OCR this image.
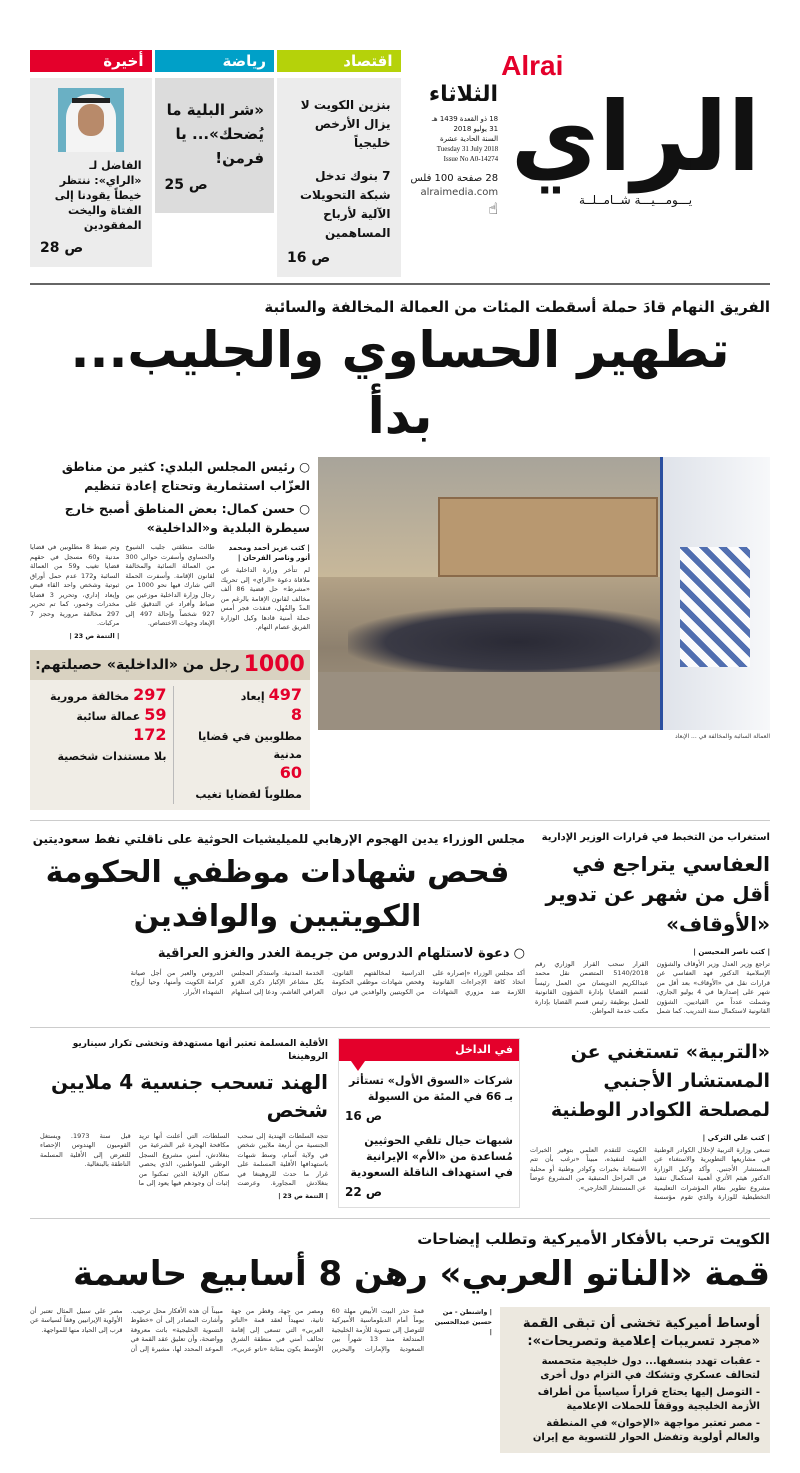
Alrai
الراي
يـــومـــيـــة شــامــلــة
الثلاثاء
18 ذو القعدة 1439 هـ
31 يوليو 2018
السنة الحادية عشرة
Tuesday 31 July 2018
Issue No A0-14274
28 صفحة 100 فلس
alraimedia.com
☝
اقتصاد
بنزين الكويت لا يزال الأرخص خليجياً
7 بنوك تدخل شبكة التحويلات الآلية لأرباح المساهمين
ص 16
رياضة
«شر البلية ما يُضحك»... يا فرمن!
ص 25
أخيرة
الفاضل لـ «الراي»: ننتظر خيطاً يقودنا إلى الفتاة واليخت المفقودين
ص 28
الفريق النهام قادَ حملة أسقطت المئات من العمالة المخالفة والسائبة
تطهير الحساوي والجليب... بدأ
العمالة السائبة والمخالفة في ... الإبعاد
○ رئيس المجلس البلدي: كثير من مناطق العزّاب استثمارية وتحتاج إعادة تنظيم
○ حسن كمال: بعض المناطق أصبح خارج سيطرة البلدية و«الداخلية»
| كتب عزيز أحمد ومحمد أنور وناصر الفرحان |
لم تتأخر وزارة الداخلية عن ملاقاة دعوة «الراي» إلى تحريك «مشرط» حل قضية 86 ألف مخالف لقانون الإقامة بالرغم من المدّ والمُهل، فنفذت فجر أمس حملة أمنية قادها وكيل الوزارة الفريق عصام النهام.
طالت منطقتي جليب الشيوخ والحساوي وأسفرت حوالي 300 من العمالة السائبة والمخالفة لقانون الإقامة. وأسفرت الحملة التي شارك فيها نحو 1000 من رجال وزارة الداخلية موزعين بين ضباط وأفراد عن التدقيق على 927 شخصاً وإحالة 497 إلى الإبعاد وجهات الاختصاص.
وتم ضبط 8 مطلوبين في قضايا مدنية و60 مسجل في حقهم قضايا تغيب و59 من العمالة السائبة و172 عدم حمل أوراق ثبوتية وشخص واحد القاء قبض وإبعاد إداري، وتحرير 3 قضايا مخدرات وخمور، كما تم تحرير 297 مخالفة مرورية وحجز 7 مركبات.
| التتمة ص 23 |
1000
رجل من «الداخلية» حصيلتهم:
497
إبعاد
8
مطلوبين في قضايا مدنية
60
مطلوباً لقضايا تغيب
297
مخالفة مرورية
59
عمالة سائبة
172
بلا مستندات شخصية
استغراب من التخبط في قرارات الوزير الإدارية
العفاسي يتراجع في أقل من شهر عن تدوير «الأوقاف»
| كتب ناصر المحيسن |
تراجع وزير العدل وزير الأوقاف والشؤون الإسلامية الدكتور فهد العفاسي عن قرارات نقل في «الأوقاف» بعد أقل من شهر على إصدارها في 4 يوليو الجاري، وشملت عدداً من القياديين. الشؤون القانونية لاستكمال سنة التدريب. كما شمل القرار سحب القرار الوزاري رقم 5140/2018 المتضمن نقل محمد عبدالكريم الدويسان من العمل رئيساً لقسم القضايا بإدارة الشؤون القانونية للعمل بوظيفة رئيس قسم القضايا بإدارة مكتب خدمة المواطن.
مجلس الوزراء يدين الهجوم الإرهابي للميليشيات الحوثية على ناقلتي نفط سعوديتين
فحص شهادات موظفي الحكومة الكويتيين والوافدين
○ دعوة لاستلهام الدروس من جريمة الغدر والغزو العراقية
أكد مجلس الوزراء «إصراره على اتخاذ كافة الإجراءات القانونية اللازمة ضد مزوري الشهادات الدراسية لمخالفتهم القانون، وفحص شهادات موظفي الحكومة من الكويتيين والوافدين في ديوان الخدمة المدنية. واستذكر المجلس بكل مشاعر الإكبار ذكرى الغزو العراقي الغاشم، ودعا إلى استلهام الدروس والعبر من أجل صيانة كرامة الكويت وأمنها، وحيا أرواح الشهداء الأبرار.
«التربية» تستغني عن المستشار الأجنبي لمصلحة الكوادر الوطنية
| كتب علي التركي |
تسعى وزارة التربية لإحلال الكوادر الوطنية في مشاريعها التطويرية والاستغناء عن المستشار الأجنبي. وأكد وكيل الوزارة الدكتور هيثم الأثري أهمية استكمال تنفيذ مشروع تطوير نظام المؤشرات التعليمية التخطيطية للوزارة والذي تقوم مؤسسة الكويت للتقدم العلمي بتوفير الخبرات الفنية لتنفيذه، مبيناً «نرغب بأن تتم الاستعانة بخبرات وكوادر وطنية أو محلية في المراحل المتبقية من المشروع عوضاً عن المستشار الخارجي».
في الداخل
شركات «السوق الأول» تستأثر بـ 66 في المئة من السيولة
ص 16
شبهات حيال تلقي الحوثيين مُساعدة من «الأم» الإيرانية في استهداف الناقلة السعودية
ص 22
الأقلية المسلمة تعتبر أنها مستهدفة وتخشى تكرار سيناريو الروهينغا
الهند تسحب جنسية 4 ملايين شخص
تتجه السلطات الهندية إلى سحب الجنسية من أربعة ملايين شخص في ولاية آسام، وسط شبهات باستهدافها الأقلية المسلمة على غرار ما حدث للروهينغا في بنغلادش المجاورة. وعرضت السلطات، التي أعلنت أنها تريد مكافحة الهجرة غير الشرعية من بنغلادش، أمس مشروع السجل الوطني للمواطنين، الذي يحصي سكان الولاية الذين تمكنوا من إثبات أن وجودهم فيها يعود إلى ما قبل سنة 1973. ويستغل القوميون الهندوس الإحصاء للتعرض إلى الأقلية المسلمة الناطقة بالبنغالية.
| التتمة ص 23 |
الكويت ترحب بالأفكار الأميركية وتطلب إيضاحات
قمة «الناتو العربي» رهن 8 أسابيع حاسمة
أوساط أميركية تخشى أن تبقى القمة «مجرد تسريبات إعلامية وتصريحات»:
- عقبات تهدد بنسفها... دول خليجية متحمسة لتحالف عسكري وتشكك في التزام دول أخرى
- التوصل إليها يحتاج قراراً سياسياً من أطراف الأزمة الخليجية ووقفاً للحملات الإعلامية
- مصر تعتبر مواجهة «الإخوان» في المنطقة والعالم أولوية وتفضل الحوار للتسوية مع إيران
| واشنطن - من حسين عبدالحسين |
قمة حذر البيت الأبيض مهلة 60 يوماً أمام الدبلوماسية الأميركية للتوصل إلى تسوية للأزمة الخليجية المندلعة منذ 13 شهراً بين السعودية والإمارات والبحرين ومصر من جهة، وقطر من جهة ثانية، تمهيداً لعقد قمة «الناتو العربي» التي تسعى إلى إقامة تحالف أمني في منطقة الشرق الأوسط يكون بمثابة «ناتو عربي»، مبيناً أن هذه الأفكار محل ترحيب. وأشارت المصادر إلى أن «خطوط التسوية الخليجية» باتت معروفة وواضحة، وأن تعليق عقد القمة في الموعد المحدد لها، مشيرة إلى أن مصر على سبيل المثال تعتبر أن الأولوية الإيرانيين وفقاً لسياسة عن قرب إلى الحياد منها للمواجهة.
